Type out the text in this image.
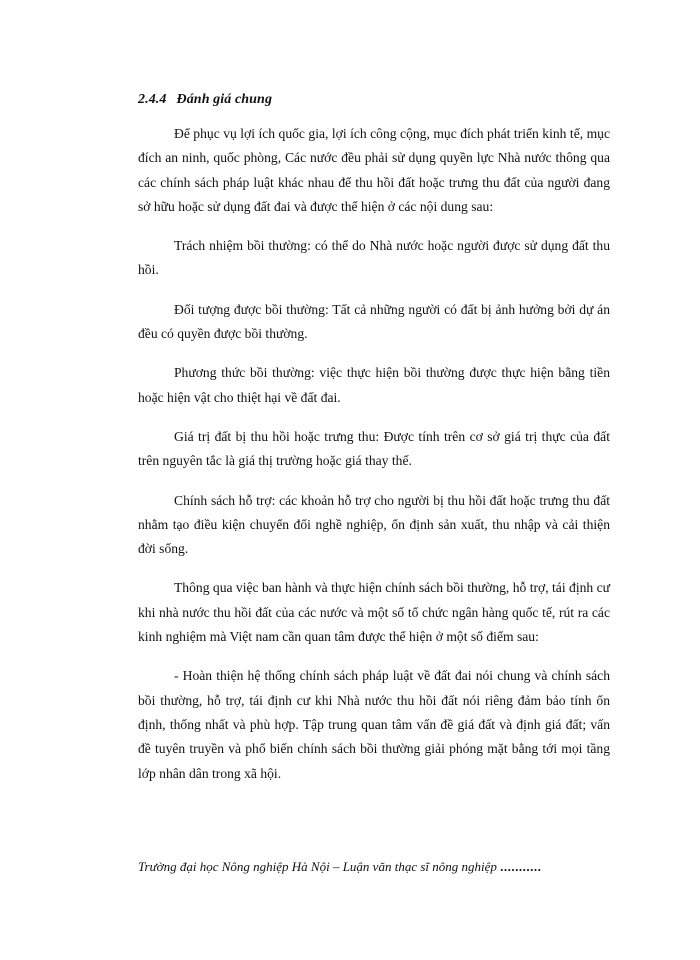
2.4.4 Đánh giá chung

Để phục vụ lợi ích quốc gia, lợi ích công cộng, mục đích phát triển kinh tế, mục đích an ninh, quốc phòng, Các nước đều phải sử dụng quyền lực Nhà nước thông qua các chính sách pháp luật khác nhau để thu hồi đất hoặc trưng thu đất của người đang sở hữu hoặc sử dụng đất đai và được thể hiện ở các nội dung sau:

Trách nhiệm bồi thường: có thể do Nhà nước hoặc người được sử dụng đất thu hồi.

Đối tượng được bồi thường: Tất cả những người có đất bị ảnh hưởng bởi dự án đều có quyền được bồi thường.

Phương thức bồi thường: việc thực hiện bồi thường được thực hiện bằng tiền hoặc hiện vật cho thiệt hại về đất đai.

Giá trị đất bị thu hồi hoặc trưng thu: Được tính trên cơ sở giá trị thực của đất trên nguyên tắc là giá thị trường hoặc giá thay thế.

Chính sách hỗ trợ: các khoản hỗ trợ cho người bị thu hồi đất hoặc trưng thu đất nhằm tạo điều kiện chuyển đổi nghề nghiệp, ổn định sản xuất, thu nhập và cải thiện đời sống.

Thông qua việc ban hành và thực hiện chính sách bồi thường, hỗ trợ, tái định cư khi nhà nước thu hồi đất của các nước và một số tổ chức ngân hàng quốc tế, rút ra các kinh nghiệm mà Việt nam cần quan tâm được thể hiện ở một số điểm sau:

- Hoàn thiện hệ thống chính sách pháp luật về đất đai nói chung và chính sách bồi thường, hỗ trợ, tái định cư khi Nhà nước thu hồi đất nói riêng đảm bảo tính ổn định, thống nhất và phù hợp. Tập trung quan tâm vấn đề giá đất và định giá đất; vấn đề tuyên truyền và phổ biến chính sách bồi thường giải phóng mặt bằng tới mọi tầng lớp nhân dân trong xã hội.

Trường đại học Nông nghiệp Hà Nội – Luận văn thạc sĩ nông nghiệp ...........
